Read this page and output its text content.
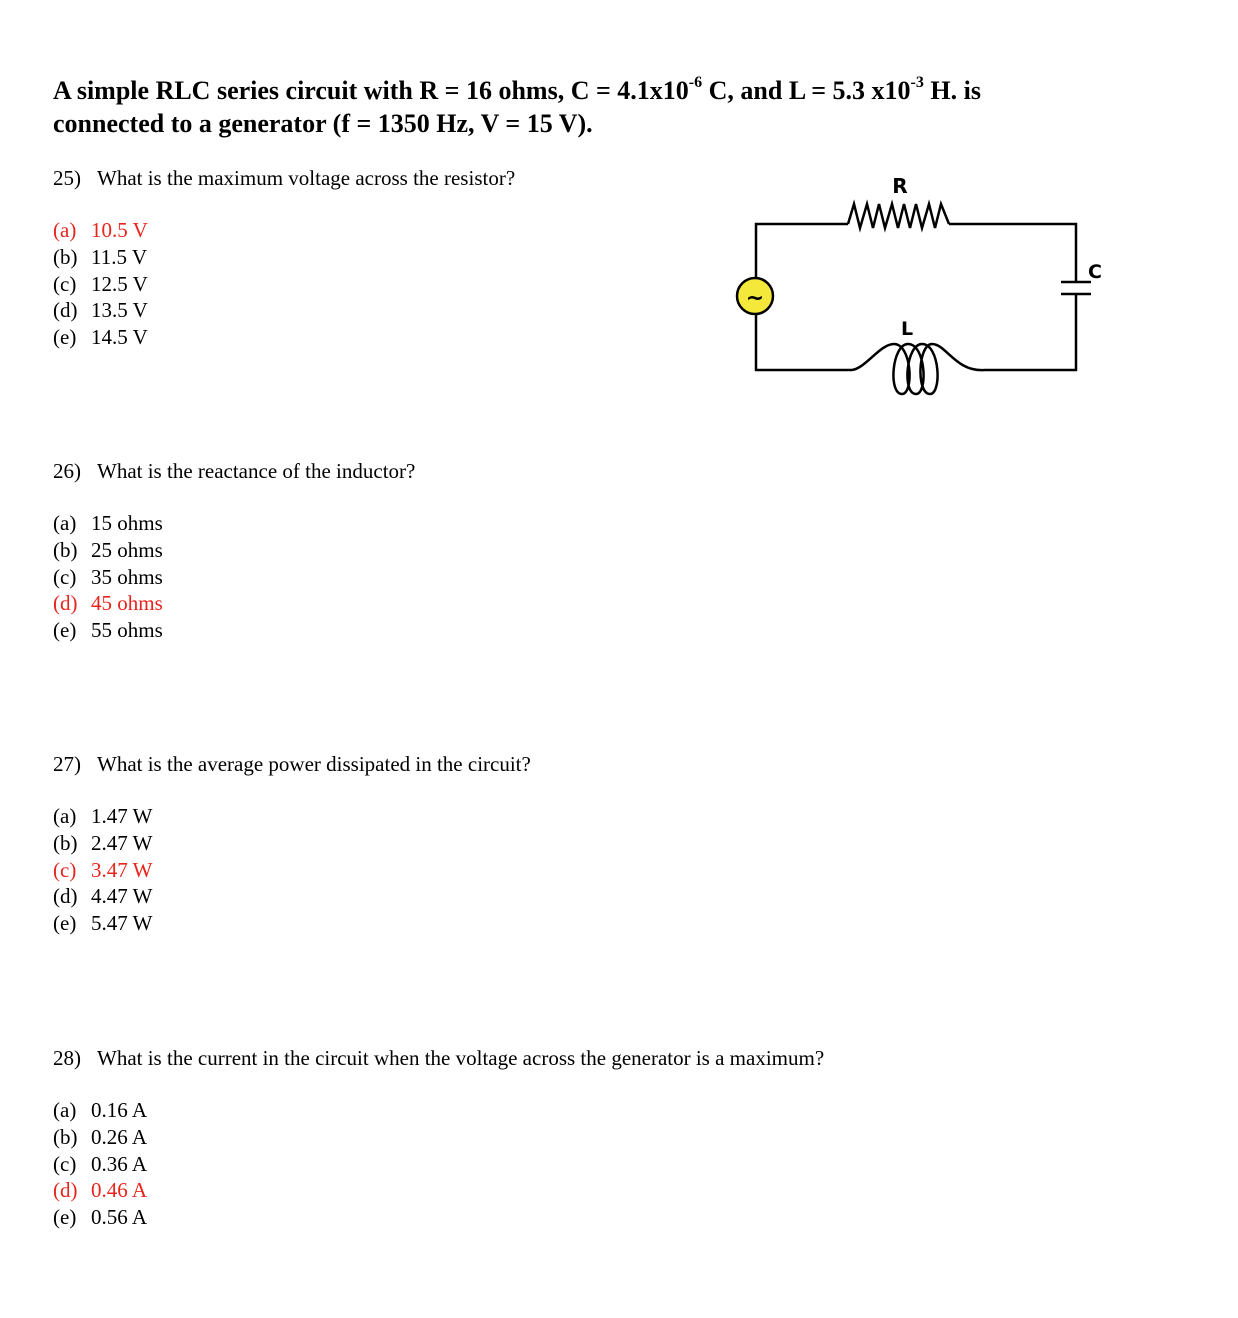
A simple RLC series circuit with R = 16 ohms, $C = 4.1x10^{-6}$ C, and L = 5.3 $x10^{-3}$ H. is
connected to a generator (f = 1350 Hz, V = 15 V).
~
R
L
C
25) What is the maximum voltage across the resistor?
(a) 10.5 V
(b) 11.5 V
(c) 12.5 V
(d) 13.5 V
(e) 14.5 V
26) What is the reactance of the inductor?
(a) 15 ohms
(b) 25 ohms
(c) 35 ohms
(d) 45 ohms
(e) 55 ohms
27) What is the average power dissipated in the circuit?
(a) 1.47 W
(b) 2.47 W
(c) 3.47 W
(d) 4.47 W
(e) 5.47 W
28) What is the current in the circuit when the voltage across the generator is a maximum?
(a) 0.16 A
(b) 0.26 A
(c) 0.36 A
(d) 0.46 A
(e) 0.56 A
